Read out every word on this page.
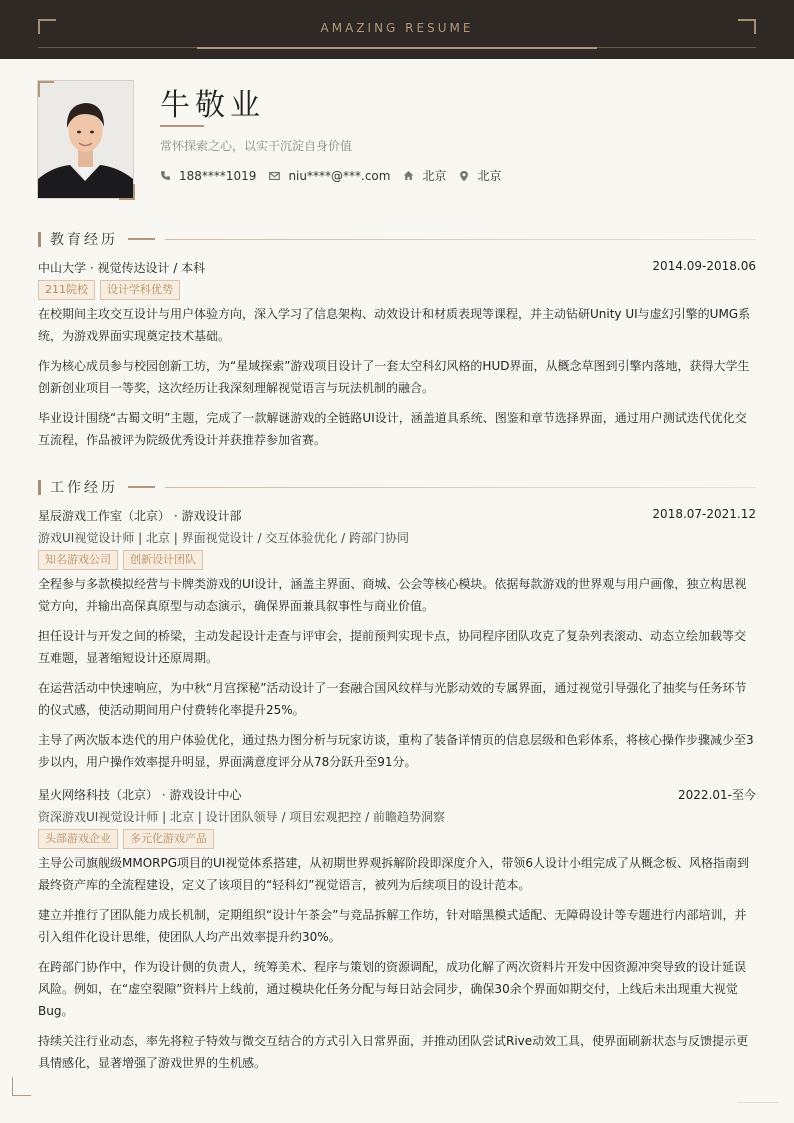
AMAZING RESUME
牛敬业
常怀探索之心，以实干沉淀自身价值
188****1019	niu****@***.com	北京	北京
教育经历
中山大学 · 视觉传达设计 / 本科	2014.09-2018.06
211院校	设计学科优势

在校期间主攻交互设计与用户体验方向，深入学习了信息架构、动效设计和材质表现等课程，并主动钻研Unity UI与虚幻引擎的UMG系统，为游戏界面实现奠定技术基础。

作为核心成员参与校园创新工坊，为“星域探索”游戏项目设计了一套太空科幻风格的HUD界面，从概念草图到引擎内落地，获得大学生创新创业项目一等奖，这次经历让我深刻理解视觉语言与玩法机制的融合。

毕业设计围绕“古蜀文明”主题，完成了一款解谜游戏的全链路UI设计，涵盖道具系统、图鉴和章节选择界面，通过用户测试迭代优化交互流程，作品被评为院级优秀设计并获推荐参加省赛。

工作经历
星辰游戏工作室（北京） · 游戏设计部	2018.07-2021.12
游戏UI视觉设计师 | 北京 | 界面视觉设计 / 交互体验优化 / 跨部门协同
知名游戏公司	创新设计团队

全程参与多款模拟经营与卡牌类游戏的UI设计，涵盖主界面、商城、公会等核心模块。依据每款游戏的世界观与用户画像，独立构思视觉方向，并输出高保真原型与动态演示，确保界面兼具叙事性与商业价值。

担任设计与开发之间的桥梁，主动发起设计走查与评审会，提前预判实现卡点，协同程序团队攻克了复杂列表滚动、动态立绘加载等交互难题，显著缩短设计还原周期。

在运营活动中快速响应，为中秋“月宫探秘”活动设计了一套融合国风纹样与光影动效的专属界面，通过视觉引导强化了抽奖与任务环节的仪式感，使活动期间用户付费转化率提升25%。

主导了两次版本迭代的用户体验优化，通过热力图分析与玩家访谈，重构了装备详情页的信息层级和色彩体系，将核心操作步骤减少至3步以内，用户操作效率提升明显，界面满意度评分从78分跃升至91分。

星火网络科技（北京） · 游戏设计中心	2022.01-至今
资深游戏UI视觉设计师 | 北京 | 设计团队领导 / 项目宏观把控 / 前瞻趋势洞察
头部游戏企业	多元化游戏产品

主导公司旗舰级MMORPG项目的UI视觉体系搭建，从初期世界观拆解阶段即深度介入，带领6人设计小组完成了从概念板、风格指南到最终资产库的全流程建设，定义了该项目的“轻科幻”视觉语言，被列为后续项目的设计范本。

建立并推行了团队能力成长机制，定期组织“设计午茶会”与竞品拆解工作坊，针对暗黑模式适配、无障碍设计等专题进行内部培训，并引入组件化设计思维，使团队人均产出效率提升约30%。

在跨部门协作中，作为设计侧的负责人，统筹美术、程序与策划的资源调配，成功化解了两次资料片开发中因资源冲突导致的设计延误风险。例如，在“虚空裂隙”资料片上线前，通过模块化任务分配与每日站会同步，确保30余个界面如期交付，上线后未出现重大视觉Bug。

持续关注行业动态，率先将粒子特效与微交互结合的方式引入日常界面，并推动团队尝试Rive动效工具，使界面刷新状态与反馈提示更具情感化，显著增强了游戏世界的生机感。
